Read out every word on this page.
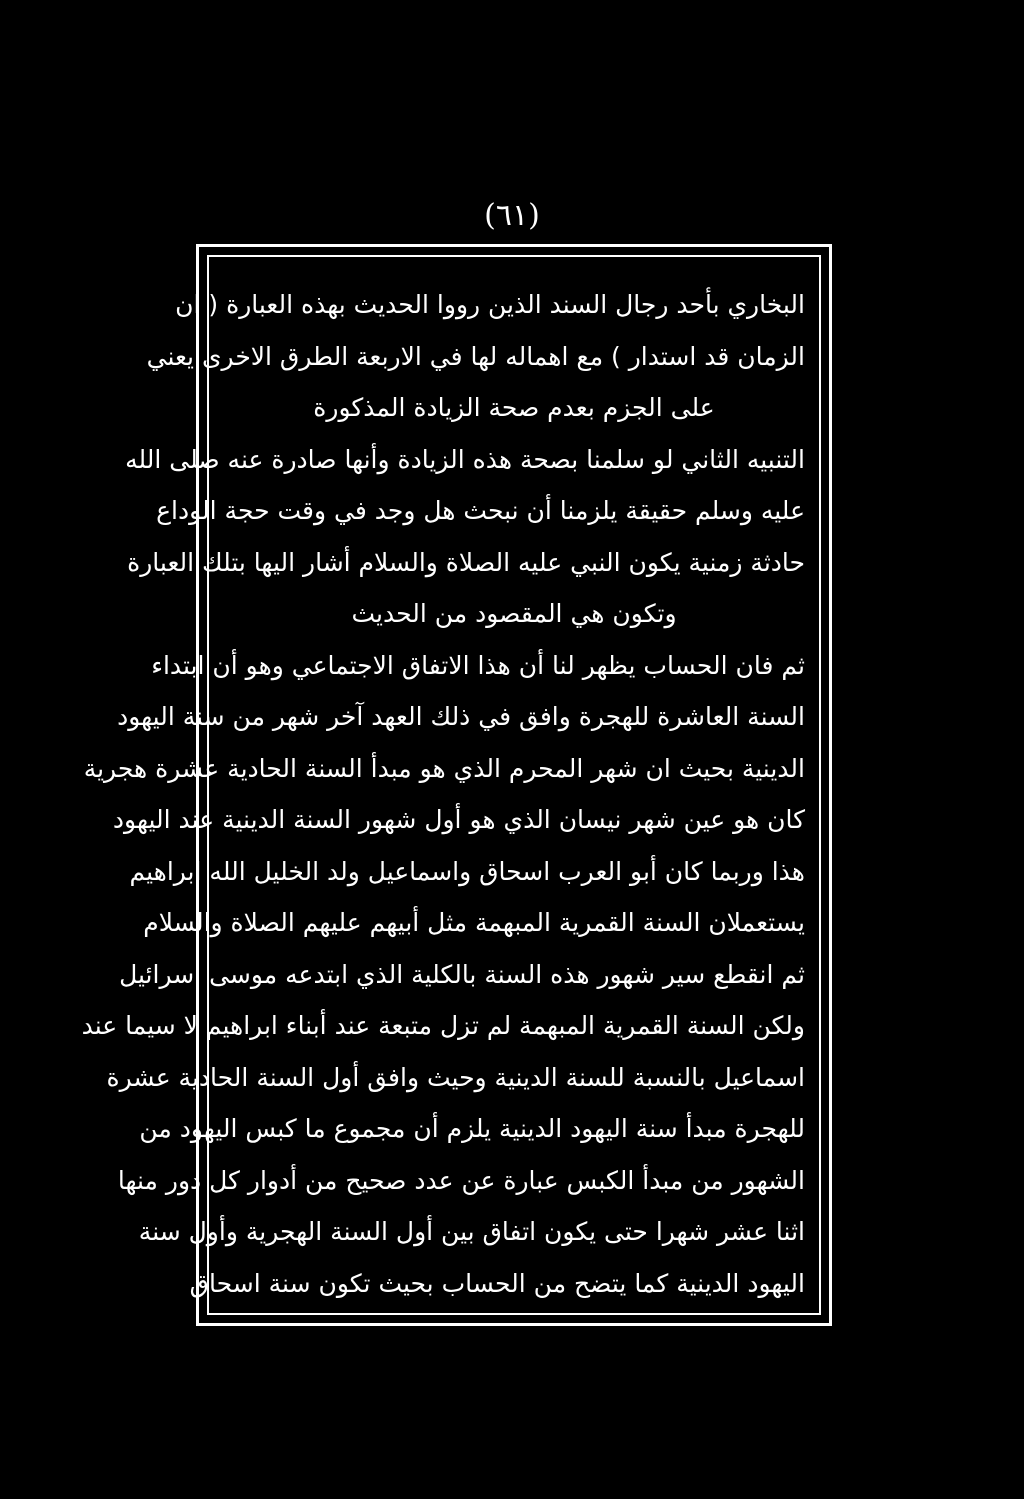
(٦١)
البخاري بأحد رجال السند الذين رووا الحديث بهذه العبارة ( ان
الزمان قد استدار ) مع اهماله لها في الاربعة الطرق الاخرى يعني
على الجزم بعدم صحة الزيادة المذكورة
التنبيه الثاني لو سلمنا بصحة هذه الزيادة وأنها صادرة عنه صلى الله
عليه وسلم حقيقة يلزمنا أن نبحث هل وجد في وقت حجة الوداع
حادثة زمنية يكون النبي عليه الصلاة والسلام أشار اليها بتلك العبارة
وتكون هي المقصود من الحديث
ثم فان الحساب يظهر لنا أن هذا الاتفاق الاجتماعي وهو أن ابتداء
السنة العاشرة للهجرة وافق في ذلك العهد آخر شهر من سنة اليهود
الدينية بحيث ان شهر المحرم الذي هو مبدأ السنة الحادية عشرة هجرية
كان هو عين شهر نيسان الذي هو أول شهور السنة الدينية عند اليهود
هذا وربما كان أبو العرب اسحاق واسماعيل ولد الخليل الله ابراهيم
يستعملان السنة القمرية المبهمة مثل أبيهم عليهم الصلاة والسلام
ثم انقطع سير شهور هذه السنة بالكلية الذي ابتدعه موسى اسرائيل
ولكن السنة القمرية المبهمة لم تزل متبعة عند أبناء ابراهيم لا سيما عند
اسماعيل بالنسبة للسنة الدينية وحيث وافق أول السنة الحادية عشرة
للهجرة مبدأ سنة اليهود الدينية يلزم أن مجموع ما كبس اليهود من
الشهور من مبدأ الكبس عبارة عن عدد صحيح من أدوار كل دور منها
اثنا عشر شهرا حتى يكون اتفاق بين أول السنة الهجرية وأول سنة
اليهود الدينية كما يتضح من الحساب بحيث تكون سنة اسحاق
